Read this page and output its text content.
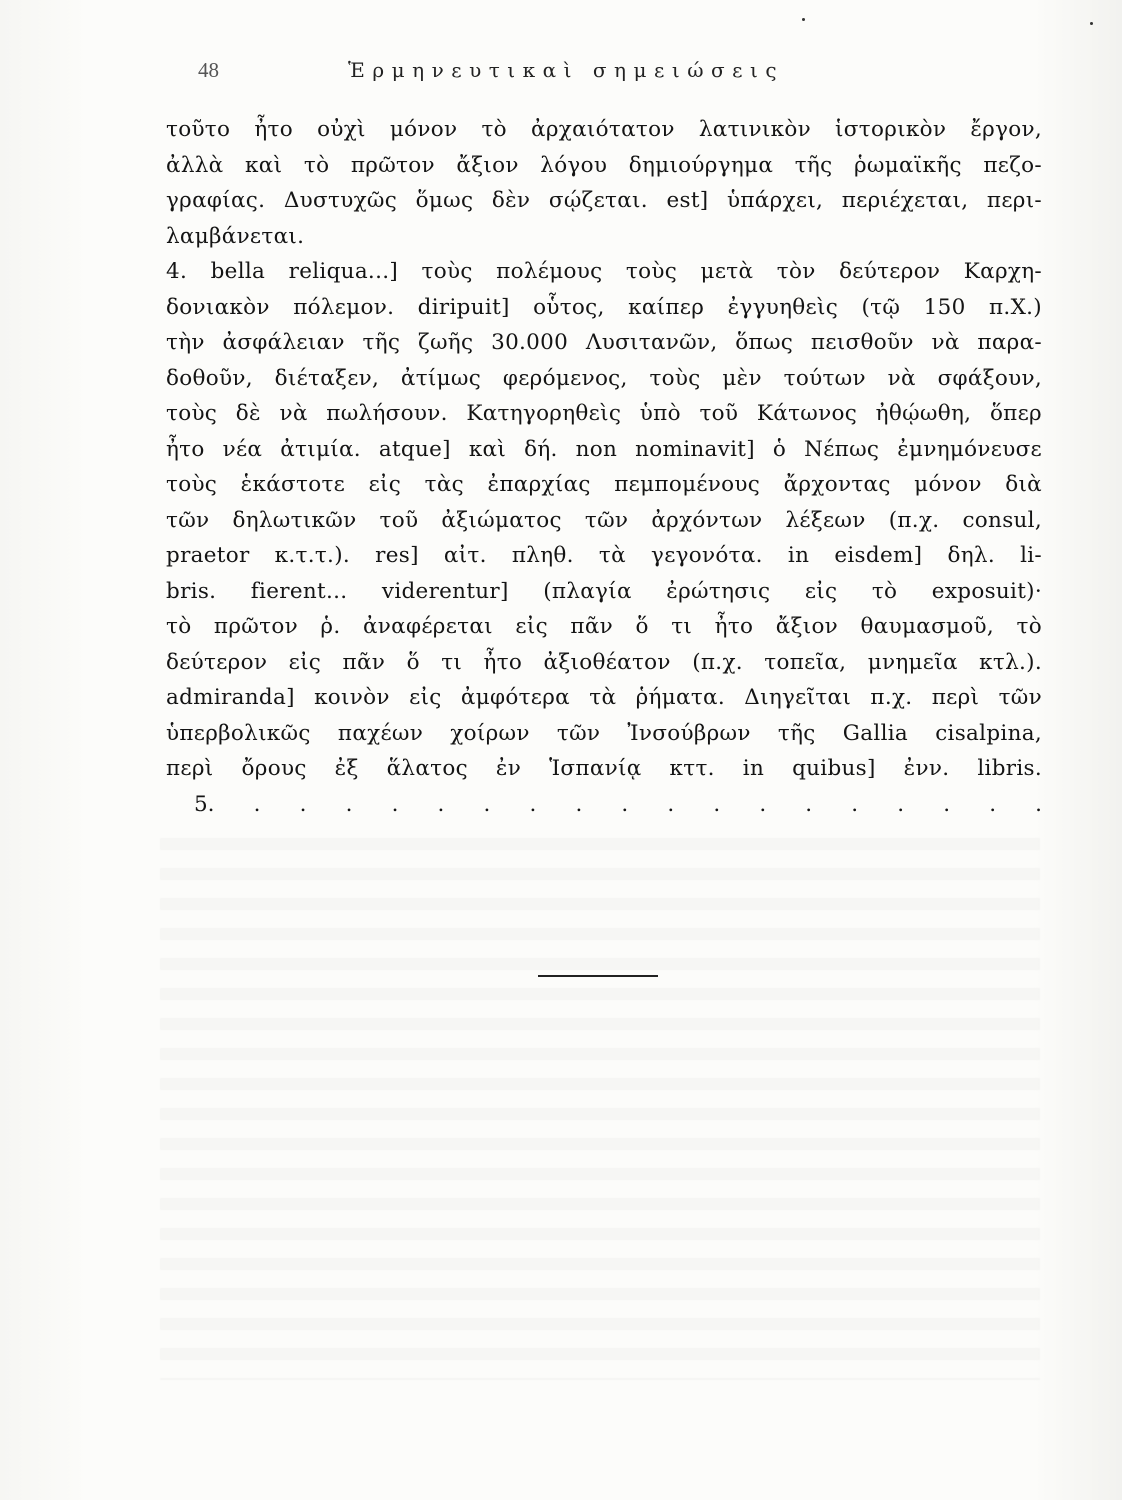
48	Ἑρμηνευτικαὶ σημειώσεις
τοῦτο ἦτο οὐχὶ μόνον τὸ ἀρχαιότατον λατινικὸν ἱστορικὸν ἔργον,
ἀλλὰ καὶ τὸ πρῶτον ἄξιον λόγου δημιούργημα τῆς ῥωμαϊκῆς πεζο-
γραφίας. Δυστυχῶς ὅμως δὲν σῴζεται. est] ὑπάρχει, περιέχεται, περι-
λαμβάνεται.
4. bella reliqua...] τοὺς πολέμους τοὺς μετὰ τὸν δεύτερον Καρχη-
δονιακὸν πόλεμον. diripuit] οὗτος, καίπερ ἐγγυηθεὶς (τῷ 150 π.Χ.)
τὴν ἀσφάλειαν τῆς ζωῆς 30.000 Λυσιτανῶν, ὅπως πεισθοῦν νὰ παρα-
δοθοῦν, διέταξεν, ἀτίμως φερόμενος, τοὺς μὲν τούτων νὰ σφάξουν,
τοὺς δὲ νὰ πωλήσουν. Κατηγορηθεὶς ὑπὸ τοῦ Κάτωνος ἠθῴωθη, ὅπερ
ἦτο νέα ἀτιμία. atque] καὶ δή. non nominavit] ὁ Νέπως ἐμνημόνευσε
τοὺς ἑκάστοτε εἰς τὰς ἐπαρχίας πεμπομένους ἄρχοντας μόνον διὰ
τῶν δηλωτικῶν τοῦ ἀξιώματος τῶν ἀρχόντων λέξεων (π.χ. consul,
praetor κ.τ.τ.). res] αἰτ. πληθ. τὰ γεγονότα. in eisdem] δηλ. li-
bris. fierent... viderentur] (πλαγία ἐρώτησις εἰς τὸ exposuit)·
τὸ πρῶτον ῥ. ἀναφέρεται εἰς πᾶν ὅ τι ἦτο ἄξιον θαυμασμοῦ, τὸ
δεύτερον εἰς πᾶν ὅ τι ἦτο ἀξιοθέατον (π.χ. τοπεῖα, μνημεῖα κτλ.).
admiranda] κοινὸν εἰς ἀμφότερα τὰ ῥήματα. Διηγεῖται π.χ. περὶ τῶν
ὑπερβολικῶς παχέων χοίρων τῶν Ἰνσούβρων τῆς Gallia cisalpina,
περὶ ὄρους ἐξ ἅλατος ἐν Ἱσπανίᾳ κττ. in quibus] ἐνν. libris.
5. . . . . . . . . . . . . . . . . . .
